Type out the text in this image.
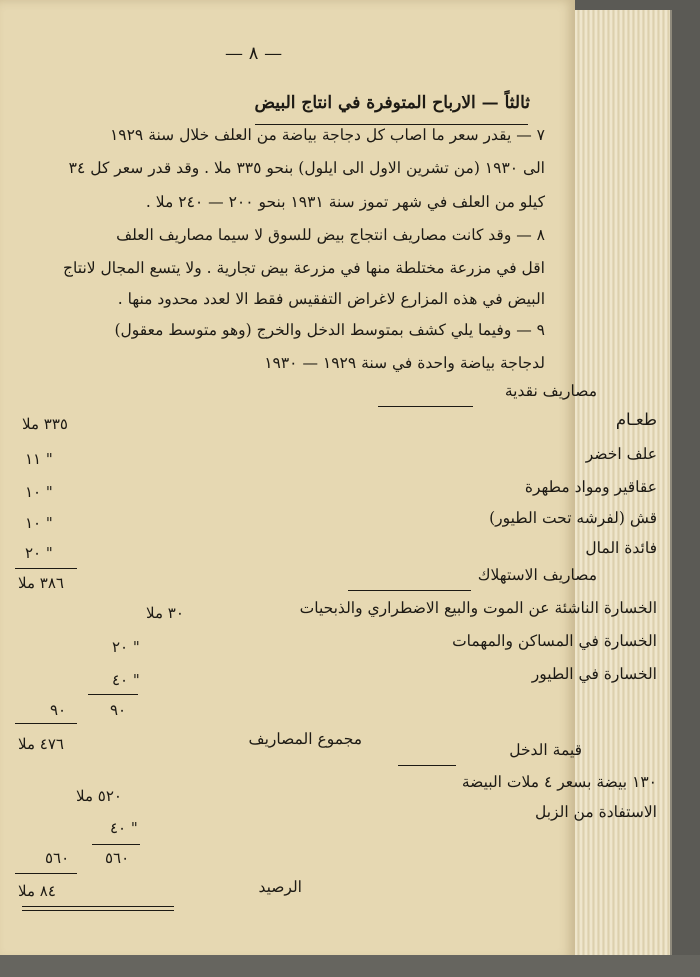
— ٨ —
ثالثاً — الارباح المتوفرة في انتاج البيض
٧ — يقدر سعر ما اصاب كل دجاجة بياضة من العلف خلال سنة ١٩٢٩
الى ١٩٣٠ (من تشرين الاول الى ايلول) بنحو ٣٣٥ ملا . وقد قدر سعر كل ٣٤
كيلو من العلف في شهر تموز سنة ١٩٣١ بنحو ٢٠٠ — ٢٤٠ ملا .
٨ — وقد كانت مصاريف انتجاج بيض للسوق لا سيما مصاريف العلف
اقل في مزرعة مختلطة منها في مزرعة بيض تجارية . ولا يتسع المجال لانتاج
البيض في هذه المزارع لاغراض التفقيس فقط الا لعدد محدود منها .
٩ — وفيما يلي كشف بمتوسط الدخل والخرج (وهو متوسط معقول)
لدجاجة بياضة واحدة في سنة ١٩٢٩ — ١٩٣٠
مصاريف نقدية
طعـام
٣٣٥ ملا
علف اخضر
١١ "
عقاقير ومواد مطهرة
١٠ "
قش (لفرشه تحت الطيور)
١٠ "
فائدة المال
٢٠ "
٣٨٦ ملا	مصاريف الاستهلاك
الخسارة الناشئة عن الموت والبيع الاضطراري والذبحيات
٣٠ ملا
الخسارة في المساكن والمهمات
٢٠ "
الخسارة في الطيور
٤٠ "
٩٠
٩٠
مجموع المصاريف
٤٧٦ ملا	قيمة الدخل
١٣٠ بيضة بسعر ٤ ملات البيضة
٥٢٠ ملا
الاستفادة من الزبل
٤٠ "
٥٦٠
٥٦٠
الرصيد
٨٤ ملا
